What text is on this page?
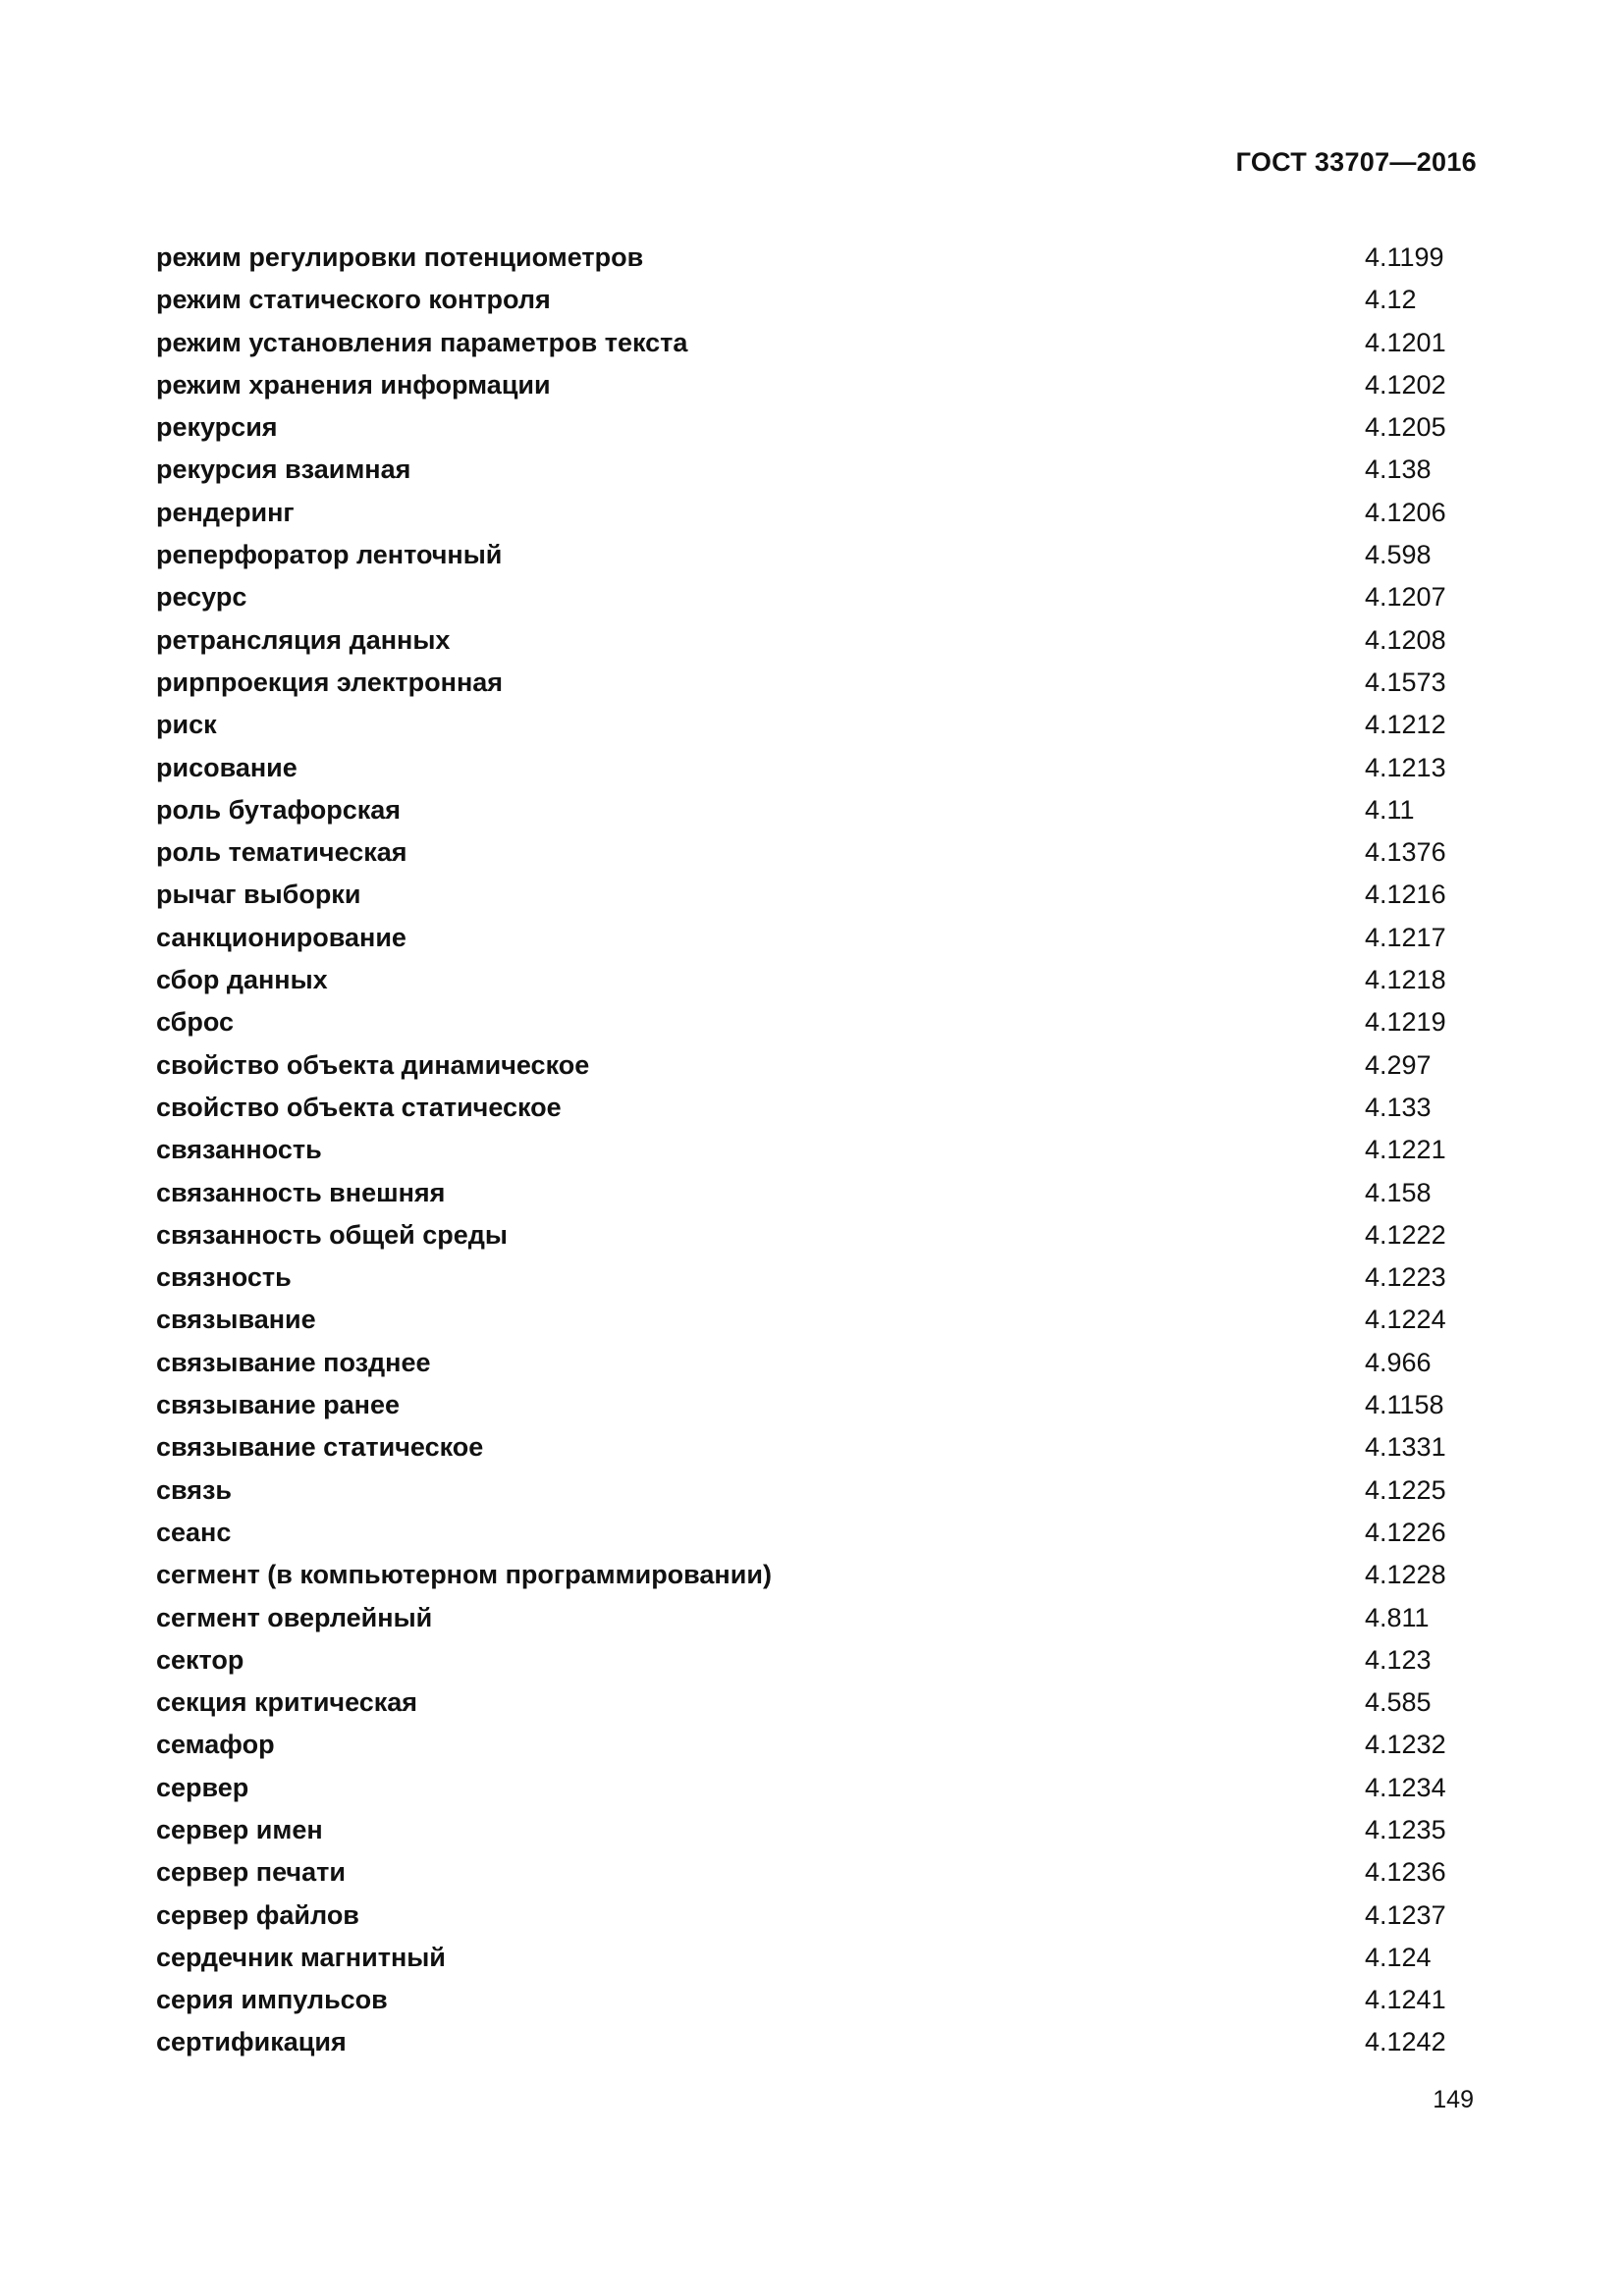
ГОСТ 33707—2016
режим регулировки потенциометров	4.1199
режим статического контроля	4.12
режим установления параметров текста	4.1201
режим хранения информации	4.1202
рекурсия	4.1205
рекурсия взаимная	4.138
рендеринг	4.1206
реперфоратор ленточный	4.598
ресурс	4.1207
ретрансляция данных	4.1208
рирпроекция электронная	4.1573
риск	4.1212
рисование	4.1213
роль бутафорская	4.11
роль тематическая	4.1376
рычаг выборки	4.1216
санкционирование	4.1217
сбор данных	4.1218
сброс	4.1219
свойство объекта динамическое	4.297
свойство объекта статическое	4.133
связанность	4.1221
связанность внешняя	4.158
связанность общей среды	4.1222
связность	4.1223
связывание	4.1224
связывание позднее	4.966
связывание ранее	4.1158
связывание статическое	4.1331
связь	4.1225
сеанс	4.1226
сегмент (в компьютерном программировании)	4.1228
сегмент оверлейный	4.811
сектор	4.123
секция критическая	4.585
семафор	4.1232
сервер	4.1234
сервер имен	4.1235
сервер печати	4.1236
сервер файлов	4.1237
сердечник магнитный	4.124
серия импульсов	4.1241
сертификация	4.1242
149
